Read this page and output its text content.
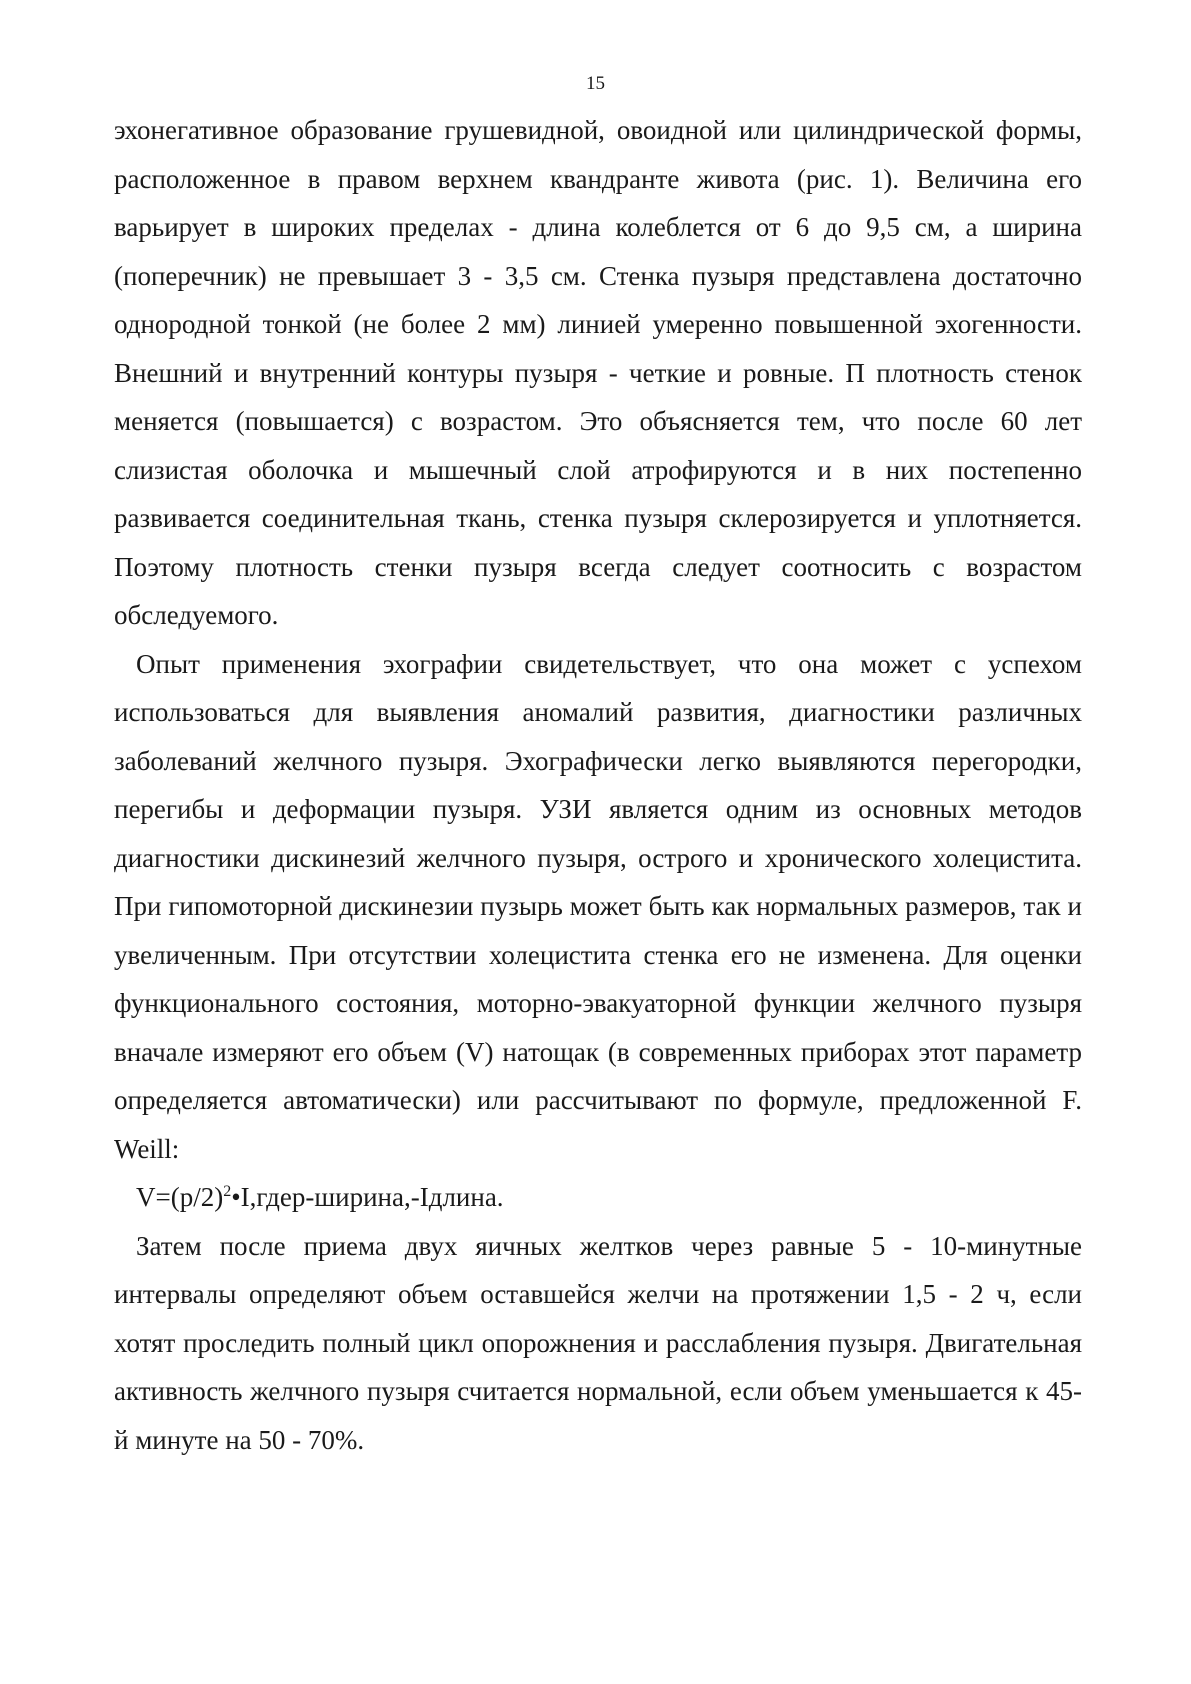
15

эхонегативное образование грушевидной, овоидной или цилиндрической формы, расположенное в правом верхнем квандранте живота (рис. 1). Величина его варьирует в широких пределах - длина колеблется от 6 до 9,5 см, а ширина (поперечник) не превышает 3 - 3,5 см. Стенка пузыря представлена достаточно однородной тонкой (не более 2 мм) линией умеренно повышенной эхогенности. Внешний и внутренний контуры пузыря - четкие и ровные. П плотность стенок меняется (повышается) с возрастом. Это объясняется тем, что после 60 лет слизистая оболочка и мышечный слой атрофируются и в них постепенно развивается соединительная ткань, стенка пузыря склерозируется и уплотняется. Поэтому плотность стенки пузыря всегда следует соотносить с возрастом обследуемого.

Опыт применения эхографии свидетельствует, что она может с успехом использоваться для выявления аномалий развития, диагностики различных заболеваний желчного пузыря. Эхографически легко выявляются перегородки, перегибы и деформации пузыря. УЗИ является одним из основных методов диагностики дискинезий желчного пузыря, острого и хронического холецистита. При гипомоторной дискинезии пузырь может быть как нормальных размеров, так и увеличенным. При отсутствии холецистита стенка его не изменена. Для оценки функционального состояния, моторно-эвакуаторной функции желчного пузыря вначале измеряют его объем (V) натощак (в современных приборах этот параметр определяется автоматически) или рассчитывают по формуле, предложенной F. Weill:

$V=(p/2)^2•I,гдер-ширина$,-Iдлина.

Затем после приема двух яичных желтков через равные 5 - 10-минутные интервалы определяют объем оставшейся желчи на протяжении 1,5 - 2 ч, если хотят проследить полный цикл опорожнения и расслабления пузыря. Двигательная активность желчного пузыря считается нормальной, если объем уменьшается к 45-й минуте на 50 - 70%.
